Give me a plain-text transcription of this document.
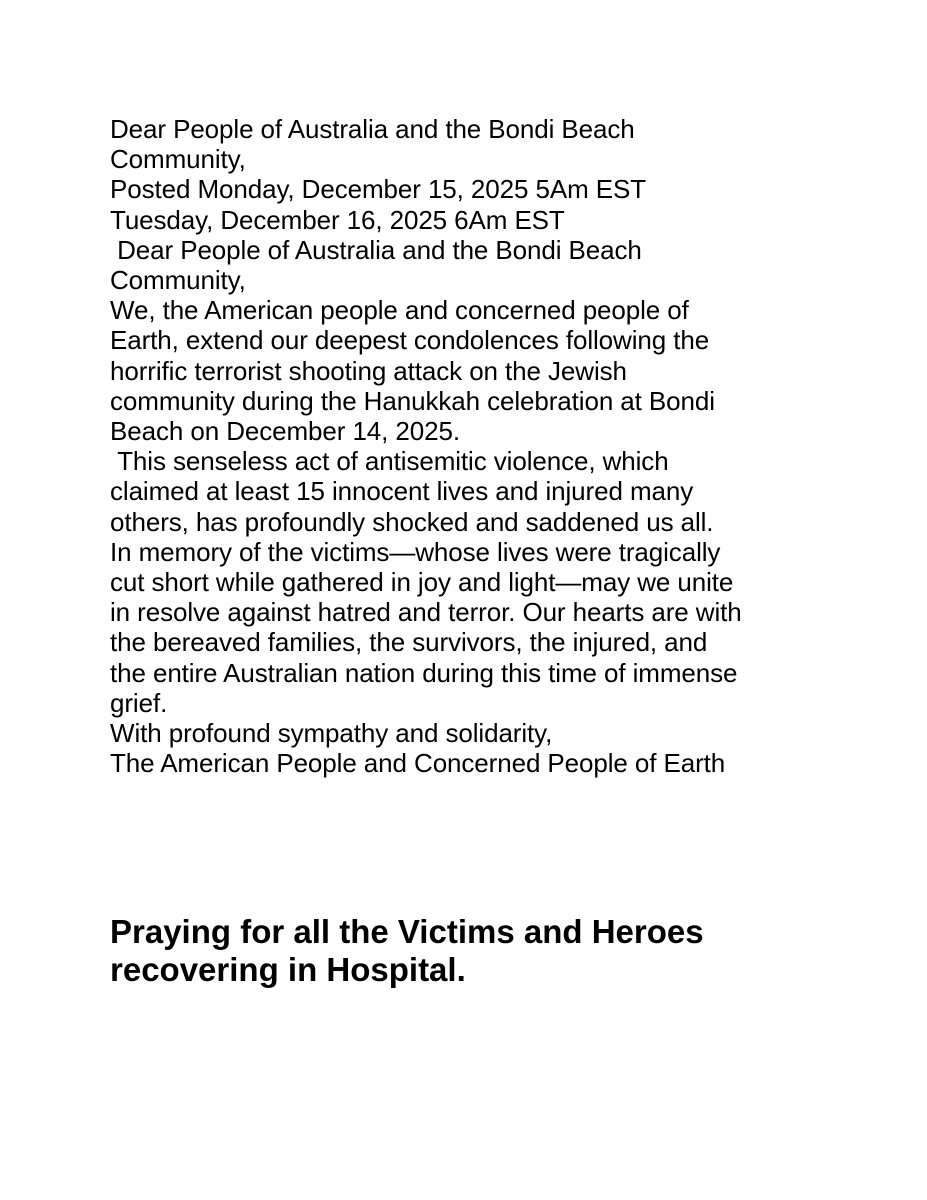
Dear People of Australia and the Bondi Beach
Community,
Posted Monday, December 15, 2025 5Am EST
Tuesday, December 16, 2025 6Am EST
Dear People of Australia and the Bondi Beach
Community,
We, the American people and concerned people of
Earth, extend our deepest condolences following the
horrific terrorist shooting attack on the Jewish
community during the Hanukkah celebration at Bondi
Beach on December 14, 2025.
This senseless act of antisemitic violence, which
claimed at least 15 innocent lives and injured many
others, has profoundly shocked and saddened us all.
In memory of the victims—whose lives were tragically
cut short while gathered in joy and light—may we unite
in resolve against hatred and terror. Our hearts are with
the bereaved families, the survivors, the injured, and
the entire Australian nation during this time of immense
grief.
With profound sympathy and solidarity,
The American People and Concerned People of Earth

Praying for all the Victims and Heroes
recovering in Hospital.
